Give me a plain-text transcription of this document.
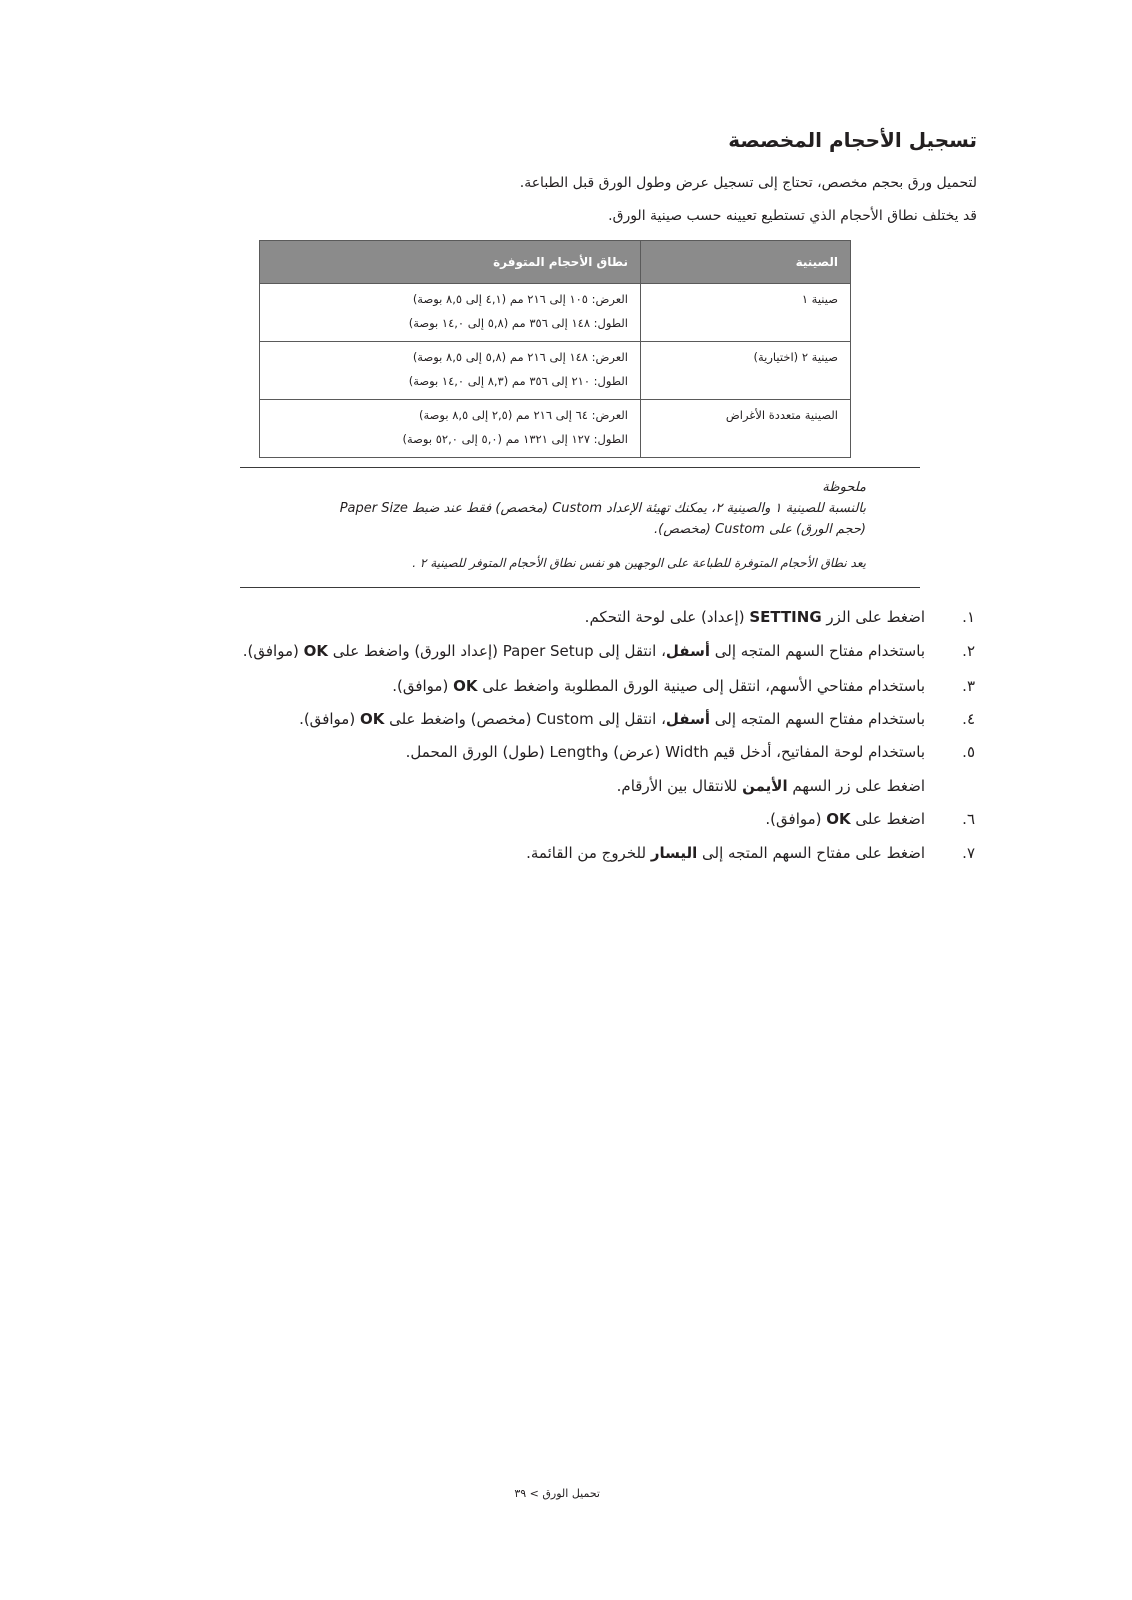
تسجيل الأحجام المخصصة
لتحميل ورق بحجم مخصص، تحتاج إلى تسجيل عرض وطول الورق قبل الطباعة.
قد يختلف نطاق الأحجام الذي تستطيع تعيينه حسب صينية الورق.
الصينية	نطاق الأحجام المتوفرة
صينية ١	العرض: ١٠٥ إلى ٢١٦ مم (٤,١ إلى ٨,٥ بوصة)
الطول: ١٤٨ إلى ٣٥٦ مم (٥,٨ إلى ١٤,٠ بوصة)

صينية ٢ (اختيارية)	العرض: ١٤٨ إلى ٢١٦ مم (٥,٨ إلى ٨,٥ بوصة)
الطول: ٢١٠ إلى ٣٥٦ مم (٨,٣ إلى ١٤,٠ بوصة)

الصينية متعددة الأغراض	العرض: ٦٤ إلى ٢١٦ مم (٢,٥ إلى ٨,٥ بوصة)
الطول: ١٢٧ إلى ١٣٢١ مم (٥,٠ إلى ٥٢,٠ بوصة)
ملحوظة
بالنسبة للصينية ١ والصينية ٢، يمكنك تهيئة الإعداد Custom (مخصص) فقط عند ضبط Paper Size
(حجم الورق) على Custom (مخصص).
يعد نطاق الأحجام المتوفرة للطباعة على الوجهين هو نفس نطاق الأحجام المتوفر للصينية ٢ .
١.
اضغط على الزر SETTING (إعداد) على لوحة التحكم.
٢.
باستخدام مفتاح السهم المتجه إلى أسفل، انتقل إلى Paper Setup (إعداد الورق) واضغط على OK (موافق).
٣.
باستخدام مفتاحي الأسهم، انتقل إلى صينية الورق المطلوبة واضغط على OK (موافق).
٤.
باستخدام مفتاح السهم المتجه إلى أسفل، انتقل إلى Custom (مخصص) واضغط على OK (موافق).
٥.
باستخدام لوحة المفاتيح، أدخل قيم Width (عرض) وLength (طول) الورق المحمل.
اضغط على زر السهم الأيمن للانتقال بين الأرقام.
٦.
اضغط على OK (موافق).
٧.
اضغط على مفتاح السهم المتجه إلى اليسار للخروج من القائمة.
تحميل الورق > ٣٩
